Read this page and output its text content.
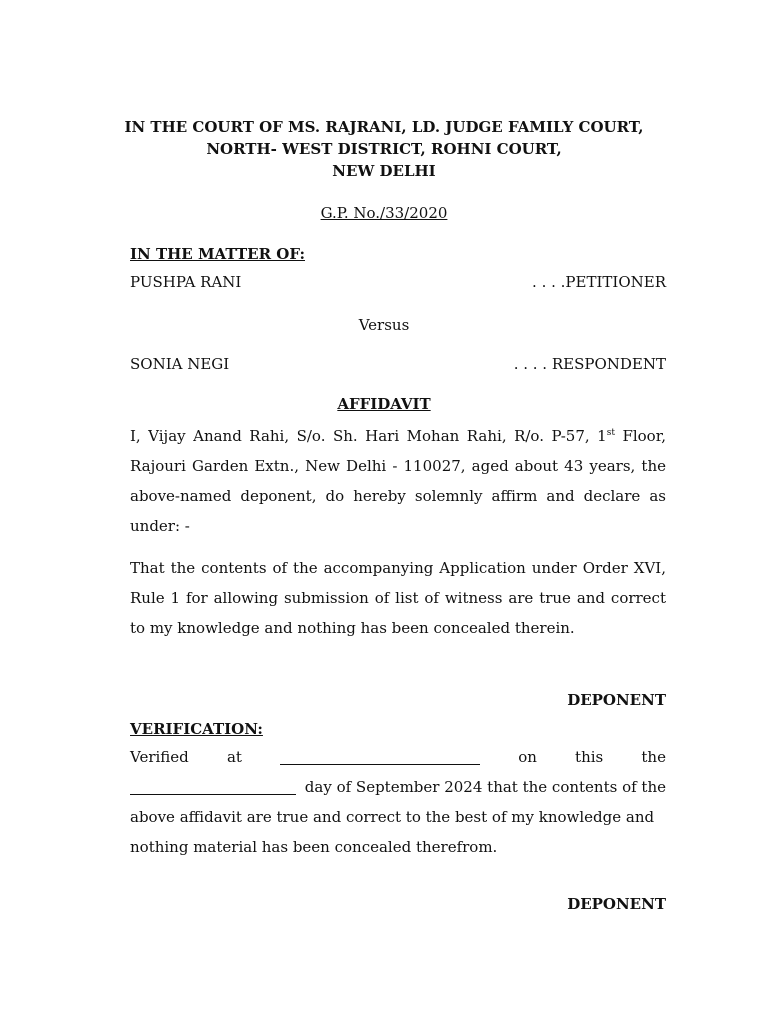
IN THE COURT OF MS. RAJRANI, LD. JUDGE FAMILY COURT,
NORTH- WEST DISTRICT, ROHNI COURT,
NEW DELHI
G.P. No./33/2020
IN THE MATTER OF:
PUSHPA RANI	. . . .PETITIONER
Versus
SONIA NEGI	. . . . RESPONDENT
AFFIDAVIT
I, Vijay Anand Rahi, S/o. Sh. Hari Mohan Rahi, R/o. P-57, 1st Floor, Rajouri Garden Extn., New Delhi - 110027, aged about 43 years, the above-named deponent, do hereby solemnly affirm and declare as under: -
That the contents of the accompanying Application under Order XVI, Rule 1 for allowing submission of list of witness are true and correct to my knowledge and nothing has been concealed therein.
DEPONENT
VERIFICATION:
Verified	at	on	this	the
day of September 2024 that the contents of the
above affidavit are true and correct to the best of my knowledge and
nothing material has been concealed therefrom.
DEPONENT
